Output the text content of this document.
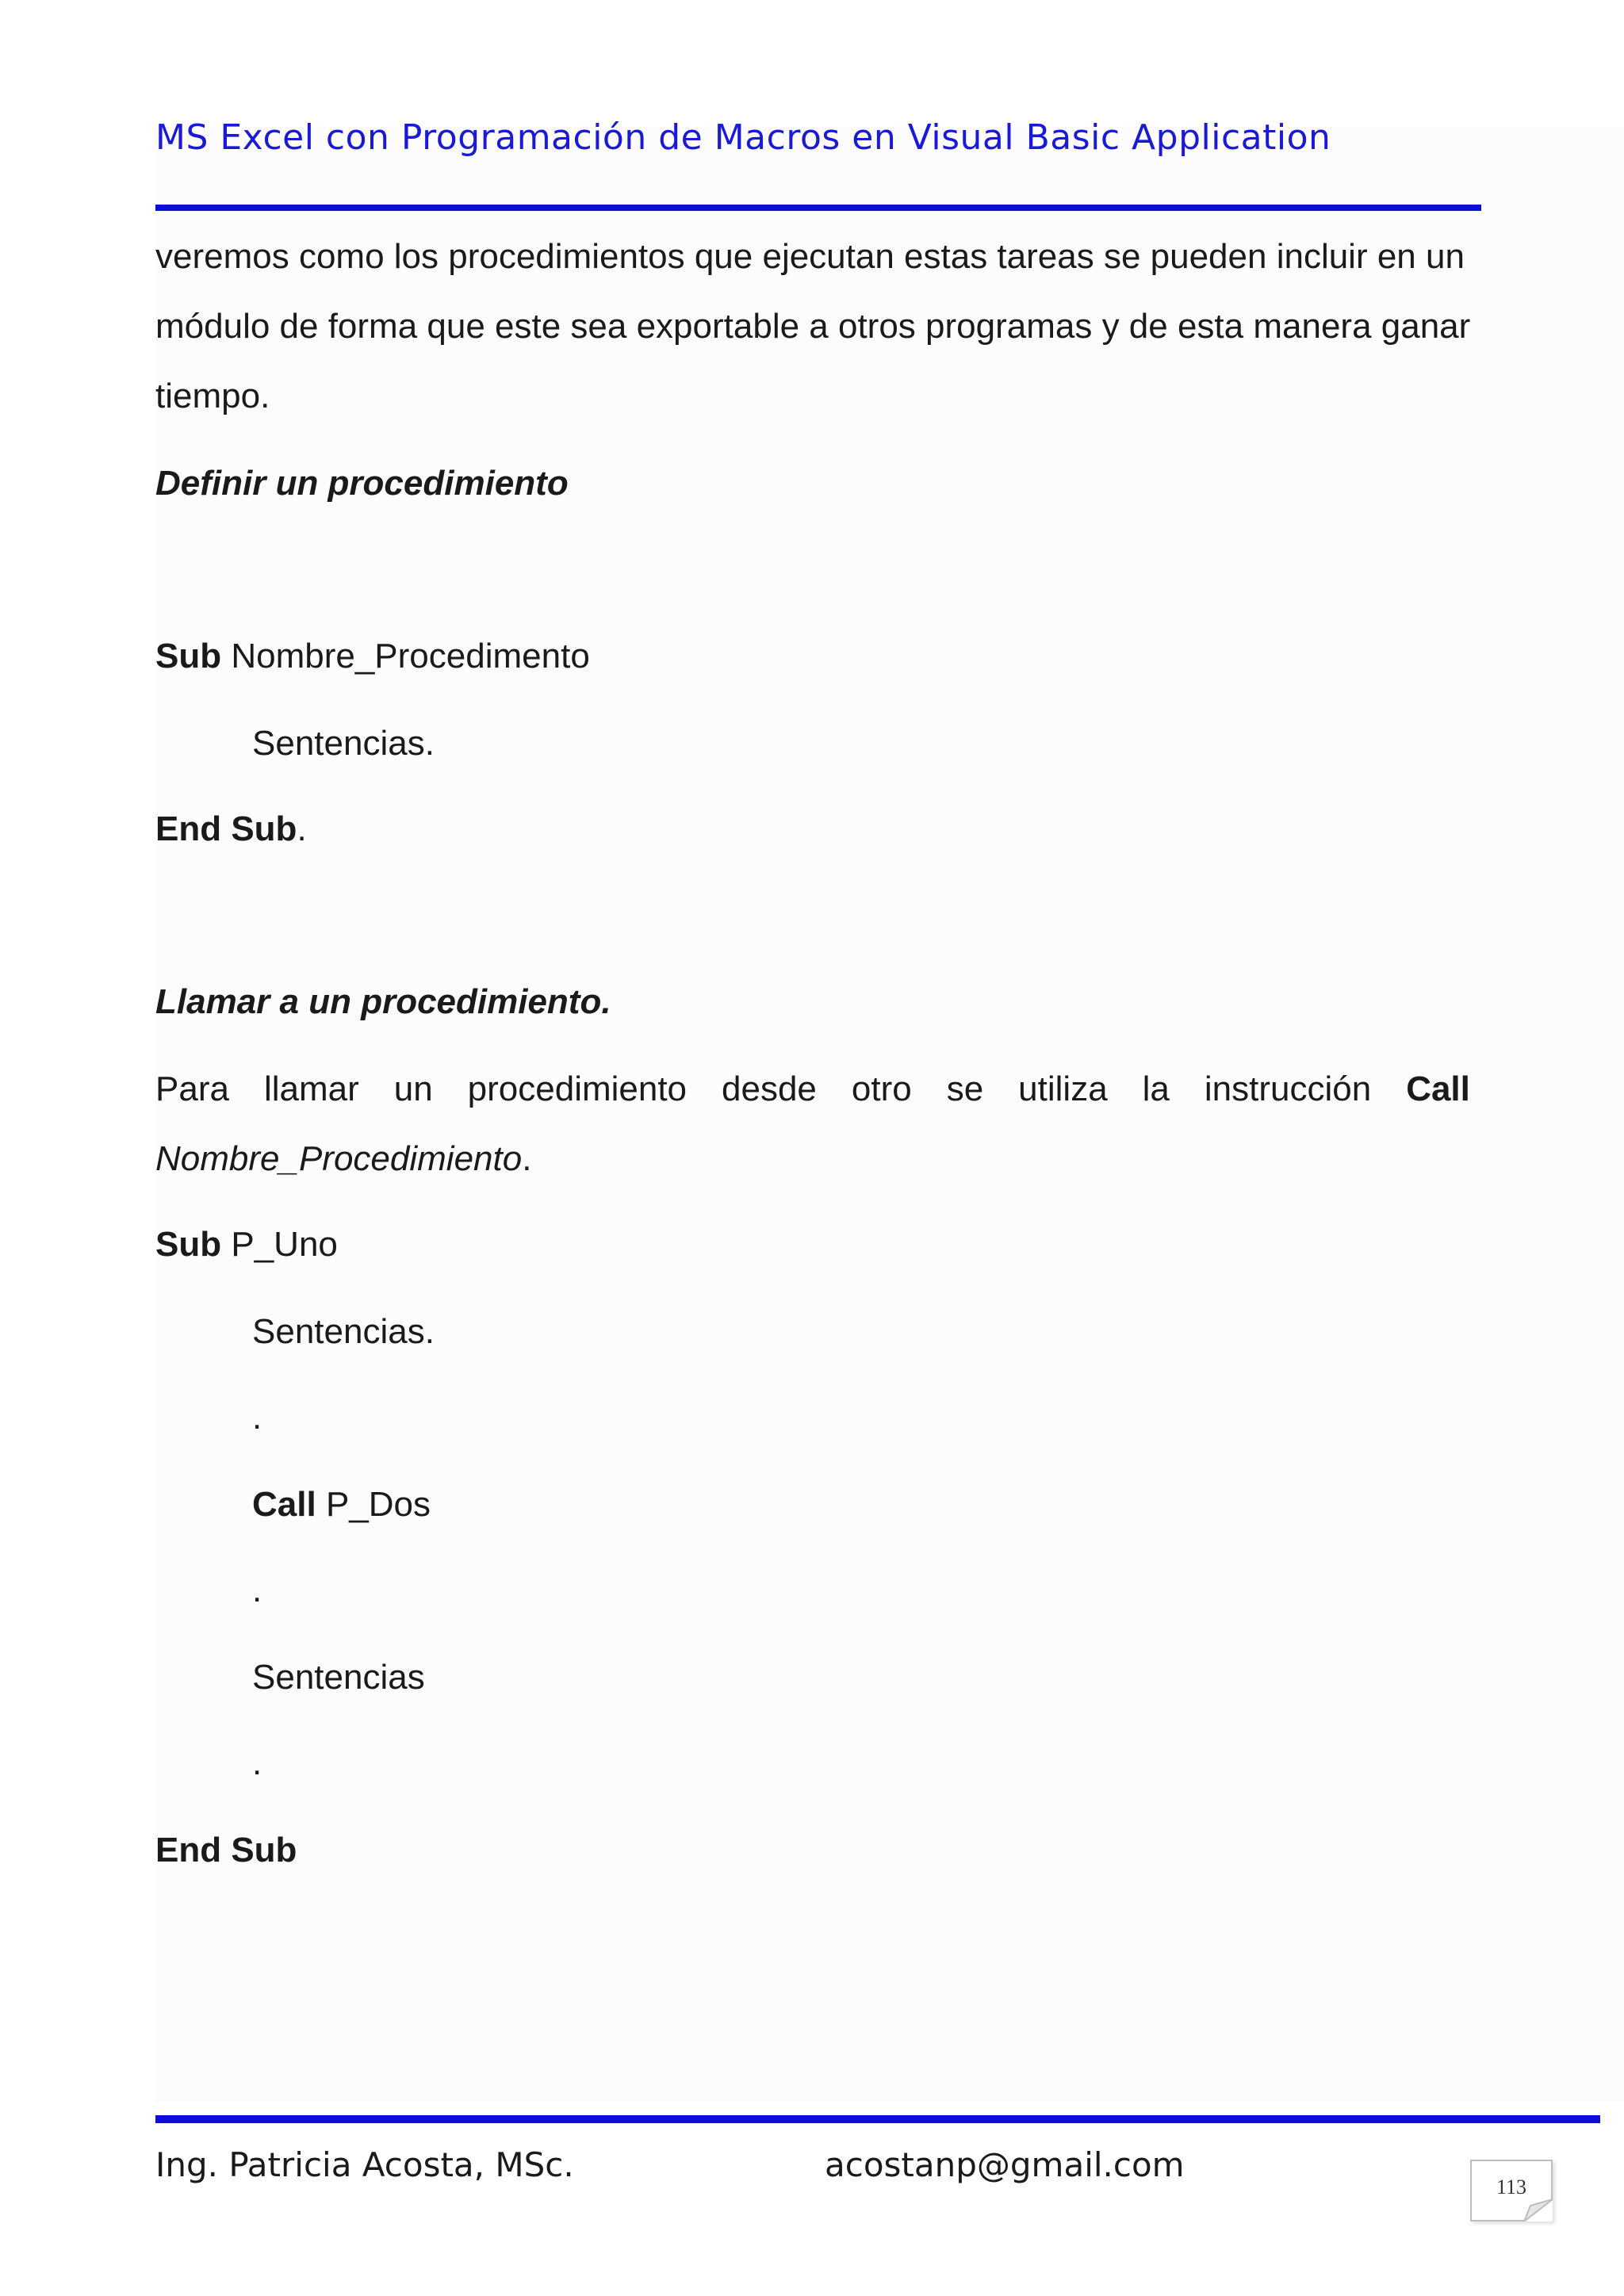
MS Excel con Programación de Macros en Visual Basic Application
veremos como los procedimientos que ejecutan estas tareas se pueden incluir en un
módulo de forma que este sea exportable a otros programas y de esta manera ganar
tiempo.
Definir un procedimiento
Sub Nombre_Procedimento
Sentencias.
End Sub.
Llamar a un procedimiento.
Para llamar un procedimiento desde otro se utiliza la instrucción Call
Nombre_Procedimiento.
Sub P_Uno
Sentencias.
.
Call P_Dos
.
Sentencias
.
End Sub
Ing. Patricia Acosta, MSc.	acostanp@gmail.com
113
